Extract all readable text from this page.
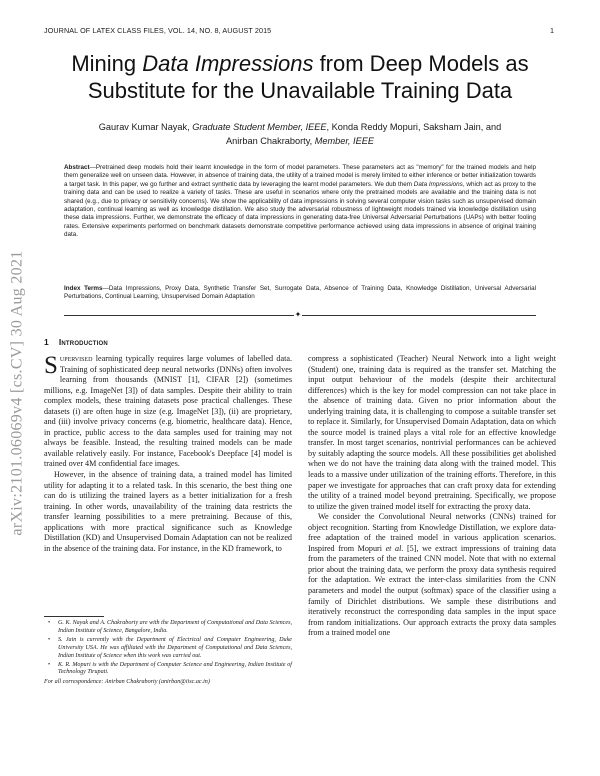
JOURNAL OF LATEX CLASS FILES, VOL. 14, NO. 8, AUGUST 2015	1
arXiv:2101.06069v4 [cs.CV] 30 Aug 2021
Mining Data Impressions from Deep Models as Substitute for the Unavailable Training Data
Gaurav Kumar Nayak, Graduate Student Member, IEEE, Konda Reddy Mopuri, Saksham Jain, and
Anirban Chakraborty, Member, IEEE
Abstract—Pretrained deep models hold their learnt knowledge in the form of model parameters. These parameters act as "memory" for the trained models and help them generalize well on unseen data. However, in absence of training data, the utility of a trained model is merely limited to either inference or better initialization towards a target task. In this paper, we go further and extract synthetic data by leveraging the learnt model parameters. We dub them Data Impressions, which act as proxy to the training data and can be used to realize a variety of tasks. These are useful in scenarios where only the pretrained models are available and the training data is not shared (e.g., due to privacy or sensitivity concerns). We show the applicability of data impressions in solving several computer vision tasks such as unsupervised domain adaptation, continual learning as well as knowledge distillation. We also study the adversarial robustness of lightweight models trained via knowledge distillation using these data impressions. Further, we demonstrate the efficacy of data impressions in generating data-free Universal Adversarial Perturbations (UAPs) with better fooling rates. Extensive experiments performed on benchmark datasets demonstrate competitive performance achieved using data impressions in absence of original training data.
Index Terms—Data Impressions, Proxy Data, Synthetic Transfer Set, Surrogate Data, Absence of Training Data, Knowledge Distillation, Universal Adversarial Perturbations, Continual Learning, Unsupervised Domain Adaptation
✦
1 Introduction

Supervised learning typically requires large volumes of labelled data. Training of sophisticated deep neural networks (DNNs) often involves learning from thousands (MNIST [1], CIFAR [2]) (sometimes millions, e.g. ImageNet [3]) of data samples. Despite their ability to train complex models, these training datasets pose practical challenges. These datasets (i) are often huge in size (e.g. ImageNet [3]), (ii) are proprietary, and (iii) involve privacy concerns (e.g. biometric, healthcare data). Hence, in practice, public access to the data samples used for training may not always be feasible. Instead, the resulting trained models can be made available relatively easily. For instance, Facebook's Deepface [4] model is trained over 4M confidential face images.

However, in the absence of training data, a trained model has limited utility for adapting it to a related task. In this scenario, the best thing one can do is utilizing the trained layers as a better initialization for a fresh training. In other words, unavailability of the training data restricts the transfer learning possibilities to a mere pretraining. Because of this, applications with more practical significance such as Knowledge Distillation (KD) and Unsupervised Domain Adaptation can not be realized in the absence of the training data. For instance, in the KD framework, to

compress a sophisticated (Teacher) Neural Network into a light weight (Student) one, training data is required as the transfer set. Matching the input output behaviour of the models (despite their architectural differences) which is the key for model compression can not take place in the absence of training data. Given no prior information about the underlying training data, it is challenging to compose a suitable transfer set to replace it. Similarly, for Unsupervised Domain Adaptation, data on which the source model is trained plays a vital role for an effective knowledge transfer. In most target scenarios, nontrivial performances can be achieved by suitably adapting the source models. All these possibilities get abolished when we do not have the training data along with the trained model. This leads to a massive under utilization of the training efforts. Therefore, in this paper we investigate for approaches that can craft proxy data for extending the utility of a trained model beyond pretraining. Specifically, we propose to utilize the given trained model itself for extracting the proxy data.

We consider the Convolutional Neural networks (CNNs) trained for object recognition. Starting from Knowledge Distillation, we explore data-free adaptation of the trained model in various application scenarios. Inspired from Mopuri et al. [5], we extract impressions of training data from the parameters of the trained CNN model. Note that with no external prior about the training data, we perform the proxy data synthesis required for the adaptation. We extract the inter-class similarities from the CNN parameters and model the output (softmax) space of the classifier using a family of Dirichlet distributions. We sample these distributions and iteratively reconstruct the corresponding data samples in the input space from random initializations. Our approach extracts the proxy data samples from a trained model one

• G. K. Nayak and A. Chakraborty are with the Department of Computational and Data Sciences, Indian Institute of Science, Bangalore, India.
• S. Jain is currently with the Department of Electrical and Computer Engineering, Duke University USA. He was affiliated with the Department of Computational and Data Sciences, Indian Institute of Science when this work was carried out.
• K. R. Mopuri is with the Department of Computer Science and Engineering, Indian Institute of Technology Tirupati.
For all correspondence: Anirban Chakraborty (anirban@iisc.ac.in)
